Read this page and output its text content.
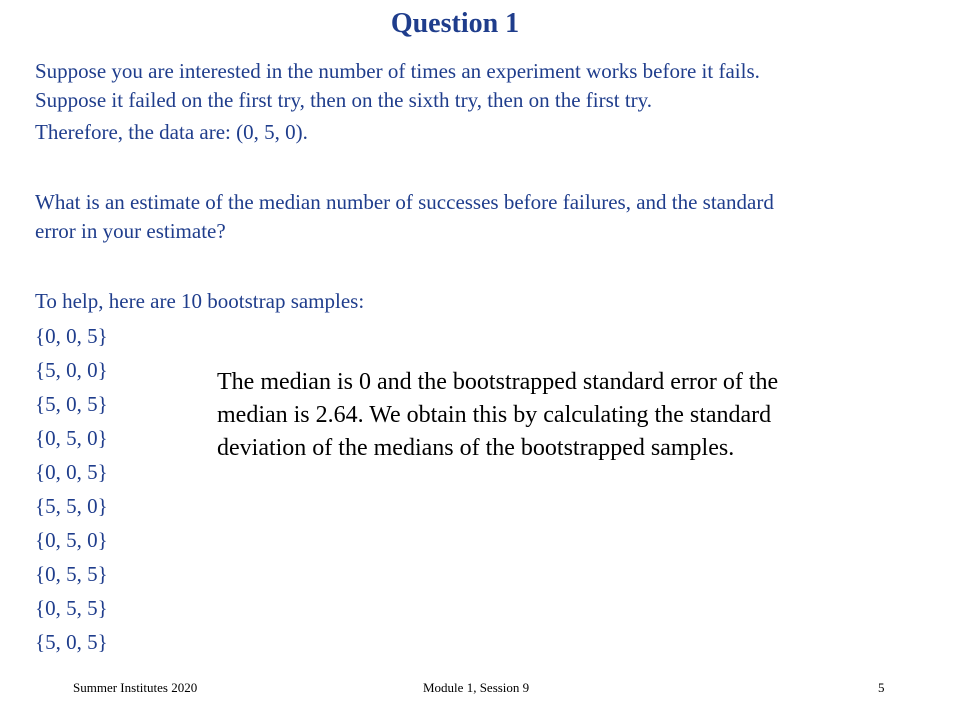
Question 1
Suppose you are interested in the number of times an experiment works before it fails.
Suppose it failed on the first try, then on the sixth try, then on the first try.
Therefore, the data are: (0, 5, 0).
What is an estimate of the median number of successes before failures, and the standard
error in your estimate?
To help, here are 10 bootstrap samples:
{0, 0, 5}
{5, 0, 0}
{5, 0, 5}
{0, 5, 0}
{0, 0, 5}
{5, 5, 0}
{0, 5, 0}
{0, 5, 5}
{0, 5, 5}
{5, 0, 5}
The median is 0 and the bootstrapped standard error of the
median is 2.64. We obtain this by calculating the standard
deviation of the medians of the bootstrapped samples.
Summer Institutes 2020	Module 1, Session 9	5
